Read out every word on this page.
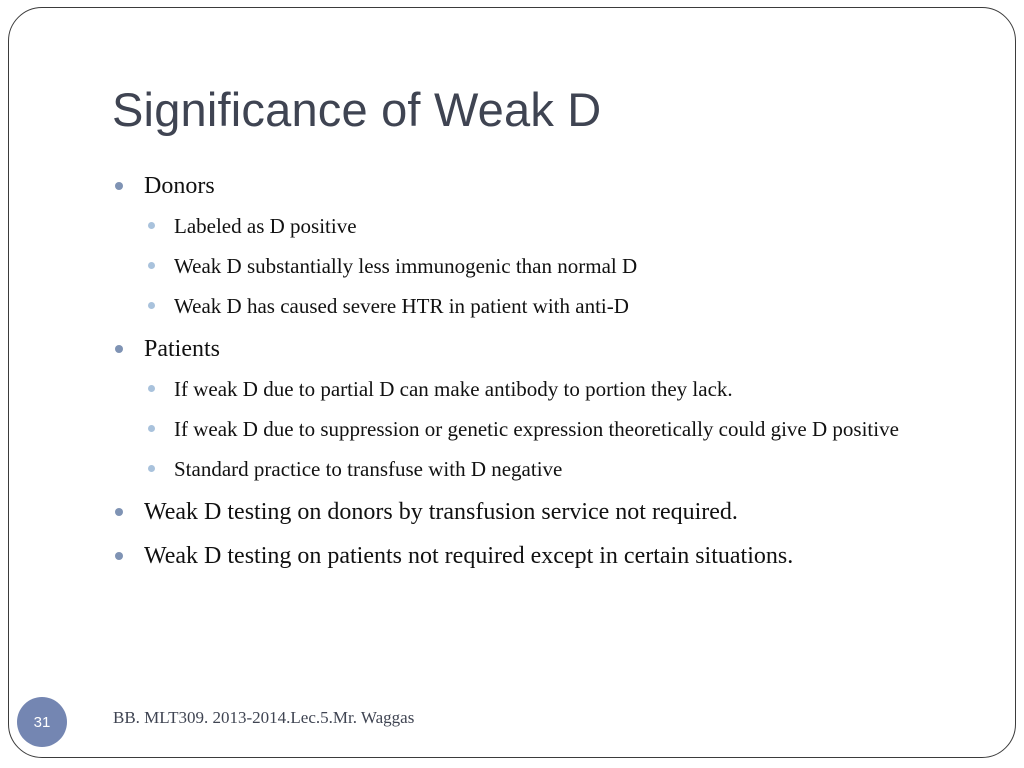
Significance of Weak D
Donors
Labeled as D positive
Weak D substantially less immunogenic than normal D
Weak D has caused severe HTR in patient with anti-D
Patients
If weak D due to partial D can make antibody to portion they lack.
If weak D due to suppression or genetic expression theoretically could give D positive
Standard practice to transfuse with D negative
Weak D testing on donors by transfusion service not required.
Weak D testing on patients not required except in certain situations.
31	BB. MLT309. 2013-2014.Lec.5.Mr. Waggas
